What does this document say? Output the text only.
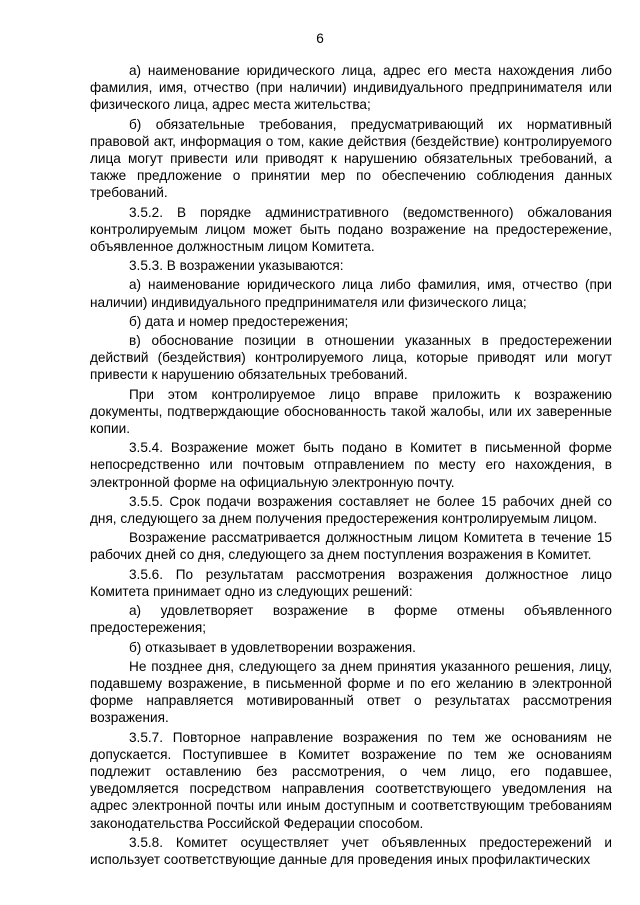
6

а) наименование юридического лица, адрес его места нахождения либо фамилия, имя, отчество (при наличии) индивидуального предпринимателя или физического лица, адрес места жительства;

б) обязательные требования, предусматривающий их нормативный правовой акт, информация о том, какие действия (бездействие) контролируемого лица могут привести или приводят к нарушению обязательных требований, а также предложение о принятии мер по обеспечению соблюдения данных требований.

3.5.2. В порядке административного (ведомственного) обжалования контролируемым лицом может быть подано возражение на предостережение, объявленное должностным лицом Комитета.

3.5.3. В возражении указываются:

а) наименование юридического лица либо фамилия, имя, отчество (при наличии) индивидуального предпринимателя или физического лица;

б) дата и номер предостережения;

в) обоснование позиции в отношении указанных в предостережении действий (бездействия) контролируемого лица, которые приводят или могут привести к нарушению обязательных требований.

При этом контролируемое лицо вправе приложить к возражению документы, подтверждающие обоснованность такой жалобы, или их заверенные копии.

3.5.4. Возражение может быть подано в Комитет в письменной форме непосредственно или почтовым отправлением по месту его нахождения, в электронной форме на официальную электронную почту.

3.5.5. Срок подачи возражения составляет не более 15 рабочих дней со дня, следующего за днем получения предостережения контролируемым лицом.

Возражение рассматривается должностным лицом Комитета в течение 15 рабочих дней со дня, следующего за днем поступления возражения в Комитет.

3.5.6. По результатам рассмотрения возражения должностное лицо Комитета принимает одно из следующих решений:

а) удовлетворяет возражение в форме отмены объявленного предостережения;

б) отказывает в удовлетворении возражения.

Не позднее дня, следующего за днем принятия указанного решения, лицу, подавшему возражение, в письменной форме и по его желанию в электронной форме направляется мотивированный ответ о результатах рассмотрения возражения.

3.5.7. Повторное направление возражения по тем же основаниям не допускается. Поступившее в Комитет возражение по тем же основаниям подлежит оставлению без рассмотрения, о чем лицо, его подавшее, уведомляется посредством направления соответствующего уведомления на адрес электронной почты или иным доступным и соответствующим требованиям законодательства Российской Федерации способом.

3.5.8. Комитет осуществляет учет объявленных предостережений и использует соответствующие данные для проведения иных профилактических
